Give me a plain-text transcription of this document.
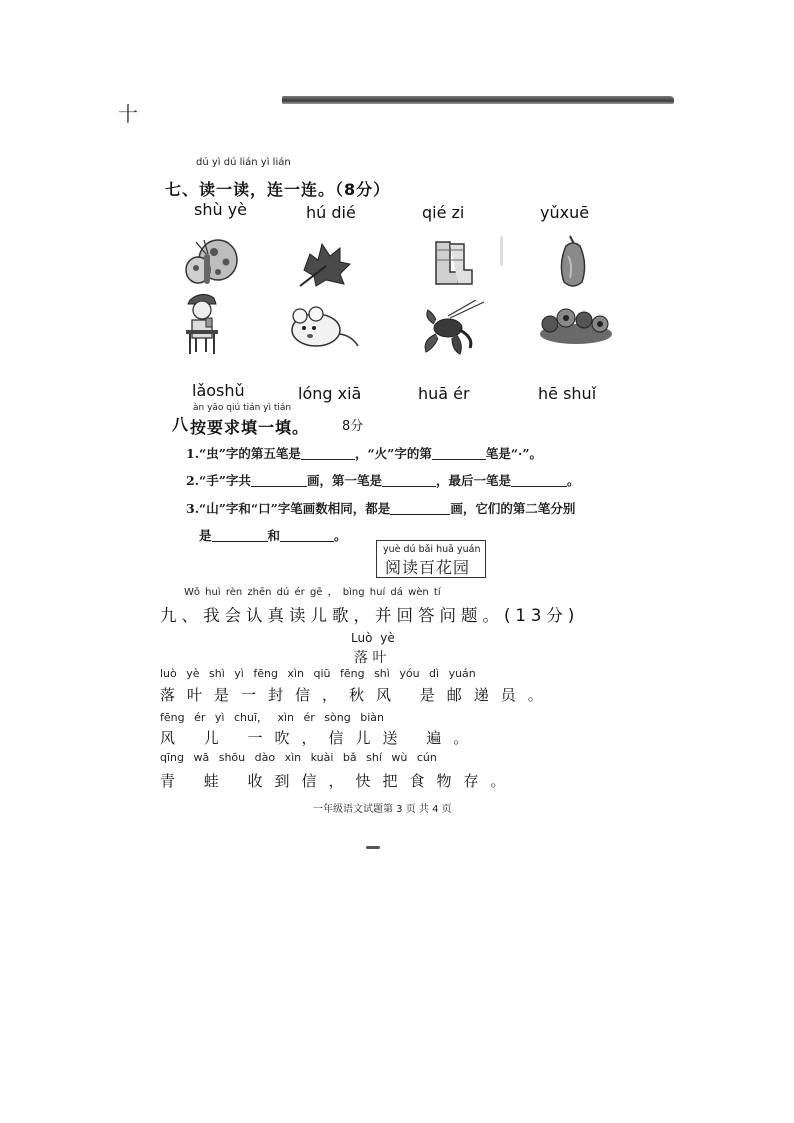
十
dú yì dú lián yì lián
七、读一读，连一连。（8分）
shù yè	hú dié	qié zi	yǔxuē
lǎoshǔ	lóng xiā	huā ér	hē shuǐ
àn yāo qiú tián yì tián
八 按要求填一填。	8分
1.“虫”字的第五笔是	，“火”字的第	笔是“·”。
2.“手”字共	画，第一笔是	，最后一笔是	。
3.“山”字和“口”字笔画数相同，都是	画，它们的第二笔分别
是	和	。
yuè dú bǎi huā yuán
阅读百花园
Wǒ huì rèn zhēn dú ér gē ， bìng huí dá wèn tí
九、我会认真读儿歌，并回答问题。(13分)
Luò yè
落 叶
luò yè shì yì fēng xìn qiū fēng shì yóu dì yuán
落叶是一封信，秋风 是邮递员。
fēng ér yì chuī， xìn ér sòng biàn
风 儿 一吹，信儿送 遍。
qīng wā shōu dào xìn kuài bǎ shí wù cún
青 蛙 收到信，快把食物存。
一年级语文试题第 3 页 共 4 页
